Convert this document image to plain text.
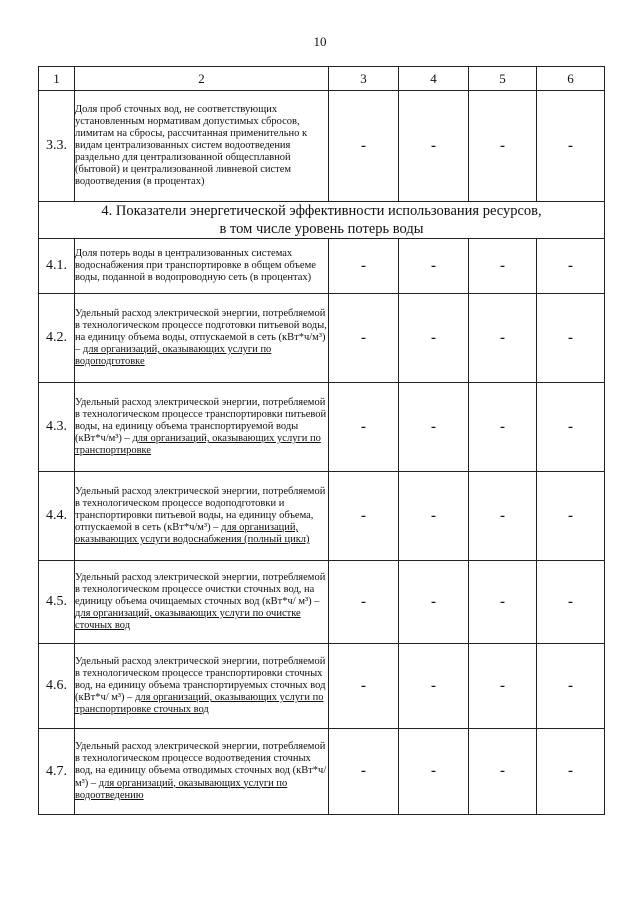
10
1	2	3	4	5	6
3.3.	Доля проб сточных вод, не соответствующих установленным нормативам допустимых сбросов, лимитам на сбросы, рассчитанная применительно к видам централизованных систем водоотведения раздельно для централизованной общесплавной (бытовой) и централизованной ливневой систем водоотведения (в процентах)	-	-	-	-

4. Показатели энергетической эффективности использования ресурсов,
в том числе уровень потерь воды					

4.1.	Доля потерь воды в централизованных системах водоснабжения при транспортировке в общем объеме воды, поданной в водопроводную сеть (в процентах)	-	-	-	-
4.2.	Удельный расход электрической энергии, потребляемой в технологическом процессе подготовки питьевой воды, на единицу объема воды, отпускаемой в сеть (кВт*ч/м³) – для организаций, оказывающих услуги по водоподготовке	-	-	-	-
4.3.	Удельный расход электрической энергии, потребляемой в технологическом процессе транспортировки питьевой воды, на единицу объема транспортируемой воды (кВт*ч/м³) – для организаций, оказывающих услуги по транспортировке	-	-	-	-
4.4.	Удельный расход электрической энергии, потребляемой в технологическом процессе водоподготовки и транспортировки питьевой воды, на единицу объема, отпускаемой в сеть (кВт*ч/м³) – для организаций, оказывающих услуги водоснабжения (полный цикл)	-	-	-	-
4.5.	Удельный расход электрической энергии, потребляемой в технологическом процессе очистки сточных вод, на единицу объема очищаемых сточных вод (кВт*ч/ м³) – для организаций, оказывающих услуги по очистке сточных вод	-	-	-	-
4.6.	Удельный расход электрической энергии, потребляемой в технологическом процессе транспортировки сточных вод, на единицу объема транспортируемых сточных вод (кВт*ч/ м³) – для организаций, оказывающих услуги по транспортировке сточных вод	-	-	-	-
4.7.	Удельный расход электрической энергии, потребляемой в технологическом процессе водоотведения сточных вод, на единицу объема отводимых сточных вод (кВт*ч/ м³) – для организаций, оказывающих услуги по водоотведению	-	-	-	-
